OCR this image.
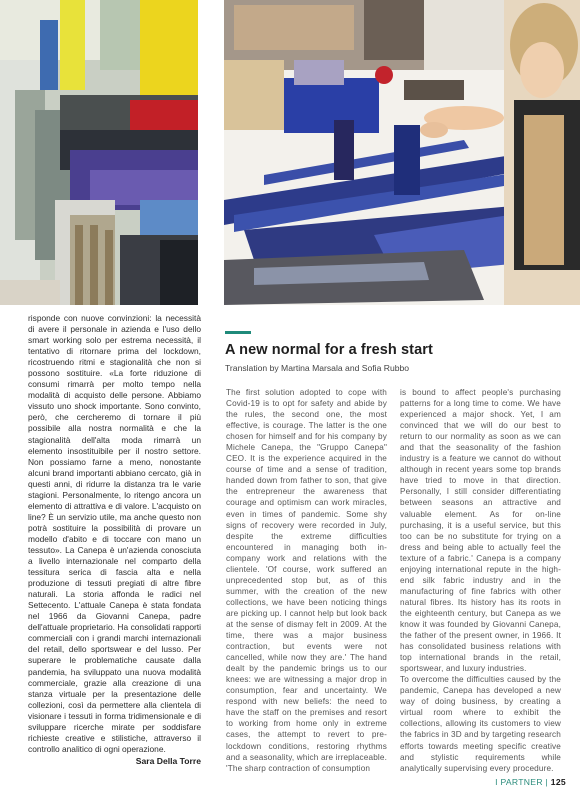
risponde con nuove convinzioni: la necessità di avere il personale in azienda e l'uso dello smart working solo per estrema necessità, il tentativo di ritornare prima del lockdown, ricostruendo ritmi e stagionalità che non si possono sostituire. «La forte riduzione di consumi rimarrà per molto tempo nella modalità di acquisto delle persone. Abbiamo vissuto uno shock importante. Sono convinto, però, che cercheremo di tornare il più possibile alla nostra normalità e che la stagionalità dell'alta moda rimarrà un elemento insostituibile per il nostro settore. Non possiamo farne a meno, nonostante alcuni brand importanti abbiano cercato, già in questi anni, di ridurre la distanza tra le varie stagioni. Personalmente, lo ritengo ancora un elemento di attrattiva e di valore. L'acquisto on line? È un servizio utile, ma anche questo non potrà sostituire la possibilità di provare un modello d'abito e di toccare con mano un tessuto». La Canepa è un'azienda conosciuta a livello internazionale nel comparto della tessitura serica di fascia alta e nella produzione di tessuti pregiati di altre fibre naturali. La storia affonda le radici nel Settecento. L'attuale Canepa è stata fondata nel 1966 da Giovanni Canepa, padre dell'attuale proprietario. Ha consolidati rapporti commerciali con i grandi marchi internazionali del retail, dello sportswear e del lusso. Per superare le problematiche causate dalla pandemia, ha sviluppato una nuova modalità commerciale, grazie alla creazione di una stanza virtuale per la presentazione delle collezioni, così da permettere alla clientela di visionare i tessuti in forma tridimensionale e di sviluppare ricerche mirate per soddisfare richieste creative e stilistiche, attraverso il controllo analitico di ogni operazione.

Sara Della Torre

A new normal for a fresh start

Translation by Martina Marsala and Sofia Rubbo

The first solution adopted to cope with Covid-19 is to opt for safety and abide by the rules, the second one, the most effective, is courage. The latter is the one chosen for himself and for his company by Michele Canepa, the "Gruppo Canepa" CEO. It is the experience acquired in the course of time and a sense of tradition, handed down from father to son, that give the entrepreneur the awareness that courage and optimism can work miracles, even in times of pandemic. Some shy signs of recovery were recorded in July, despite the extreme difficulties encountered in managing both in-company work and relations with the clientele. 'Of course, work suffered an unprecedented stop but, as of this summer, with the creation of the new collections, we have been noticing things are picking up. I cannot help but look back at the sense of dismay felt in 2009. At the time, there was a major business contraction, but events were not cancelled, while now they are.' The hand dealt by the pandemic brings us to our knees: we are witnessing a major drop in consumption, fear and uncertainty. We respond with new beliefs: the need to have the staff on the premises and resort to working from home only in extreme cases, the attempt to revert to pre-lockdown conditions, restoring rhythms and a seasonality, which are irreplaceable. 'The sharp contraction of consumption

is bound to affect people's purchasing patterns for a long time to come. We have experienced a major shock. Yet, I am convinced that we will do our best to return to our normality as soon as we can and that the seasonality of the fashion industry is a feature we cannot do without although in recent years some top brands have tried to move in that direction. Personally, I still consider differentiating between seasons an attractive and valuable element. As for on-line purchasing, it is a useful service, but this too can be no substitute for trying on a dress and being able to actually feel the texture of a fabric.' Canepa is a company enjoying international repute in the high-end silk fabric industry and in the manufacturing of fine fabrics with other natural fibres. Its history has its roots in the eighteenth century, but Canepa as we know it was founded by Giovanni Canepa, the father of the present owner, in 1966. It has consolidated business relations with top international brands in the retail, sportswear, and luxury industries.

To overcome the difficulties caused by the pandemic, Canepa has developed a new way of doing business, by creating a virtual room where to exhibit the collections, allowing its customers to view the fabrics in 3D and by targeting research efforts towards meeting specific creative and stylistic requirements while analytically supervising every procedure.

I PARTNER | 125
